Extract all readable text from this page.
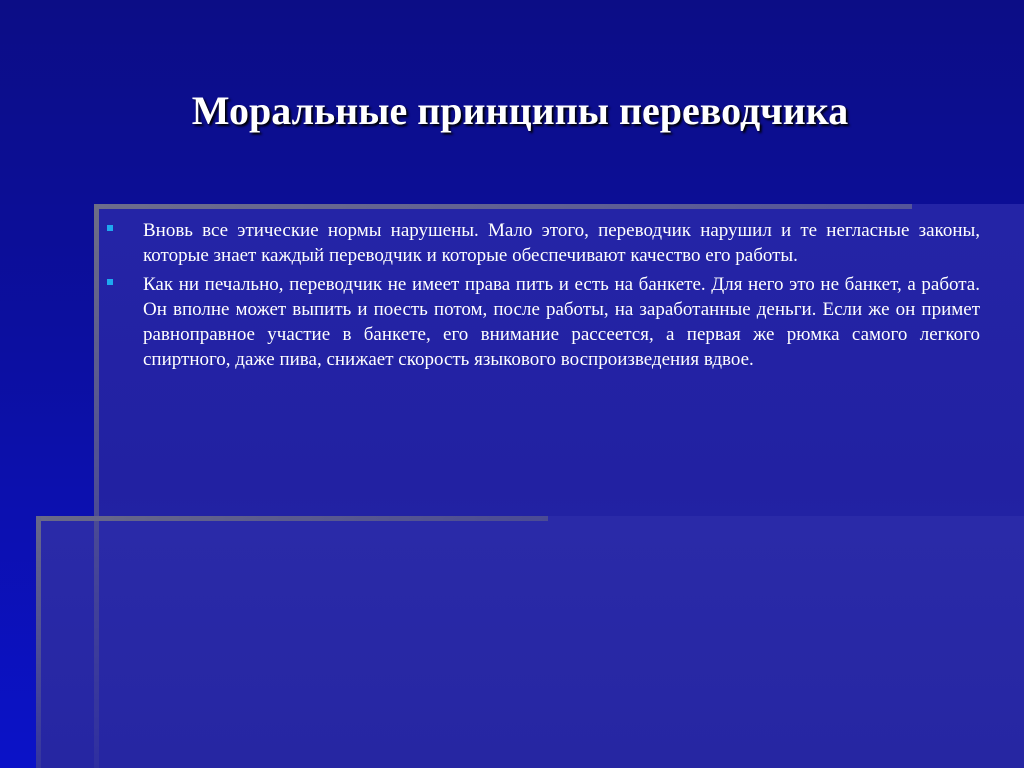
Моральные принципы переводчика
Вновь все этические нормы нарушены. Мало этого, переводчик нарушил и те негласные законы, которые знает каждый переводчик и которые обеспечивают качество его работы.
Как ни печально, переводчик не имеет права пить и есть на банкете. Для него это не банкет, а работа. Он вполне может выпить и поесть потом, после работы, на заработанные деньги. Если же он примет равноправное участие в банкете, его внимание рассеется, а первая же рюмка самого легкого спиртного, даже пива, снижает скорость языкового воспроизведения вдвое.
